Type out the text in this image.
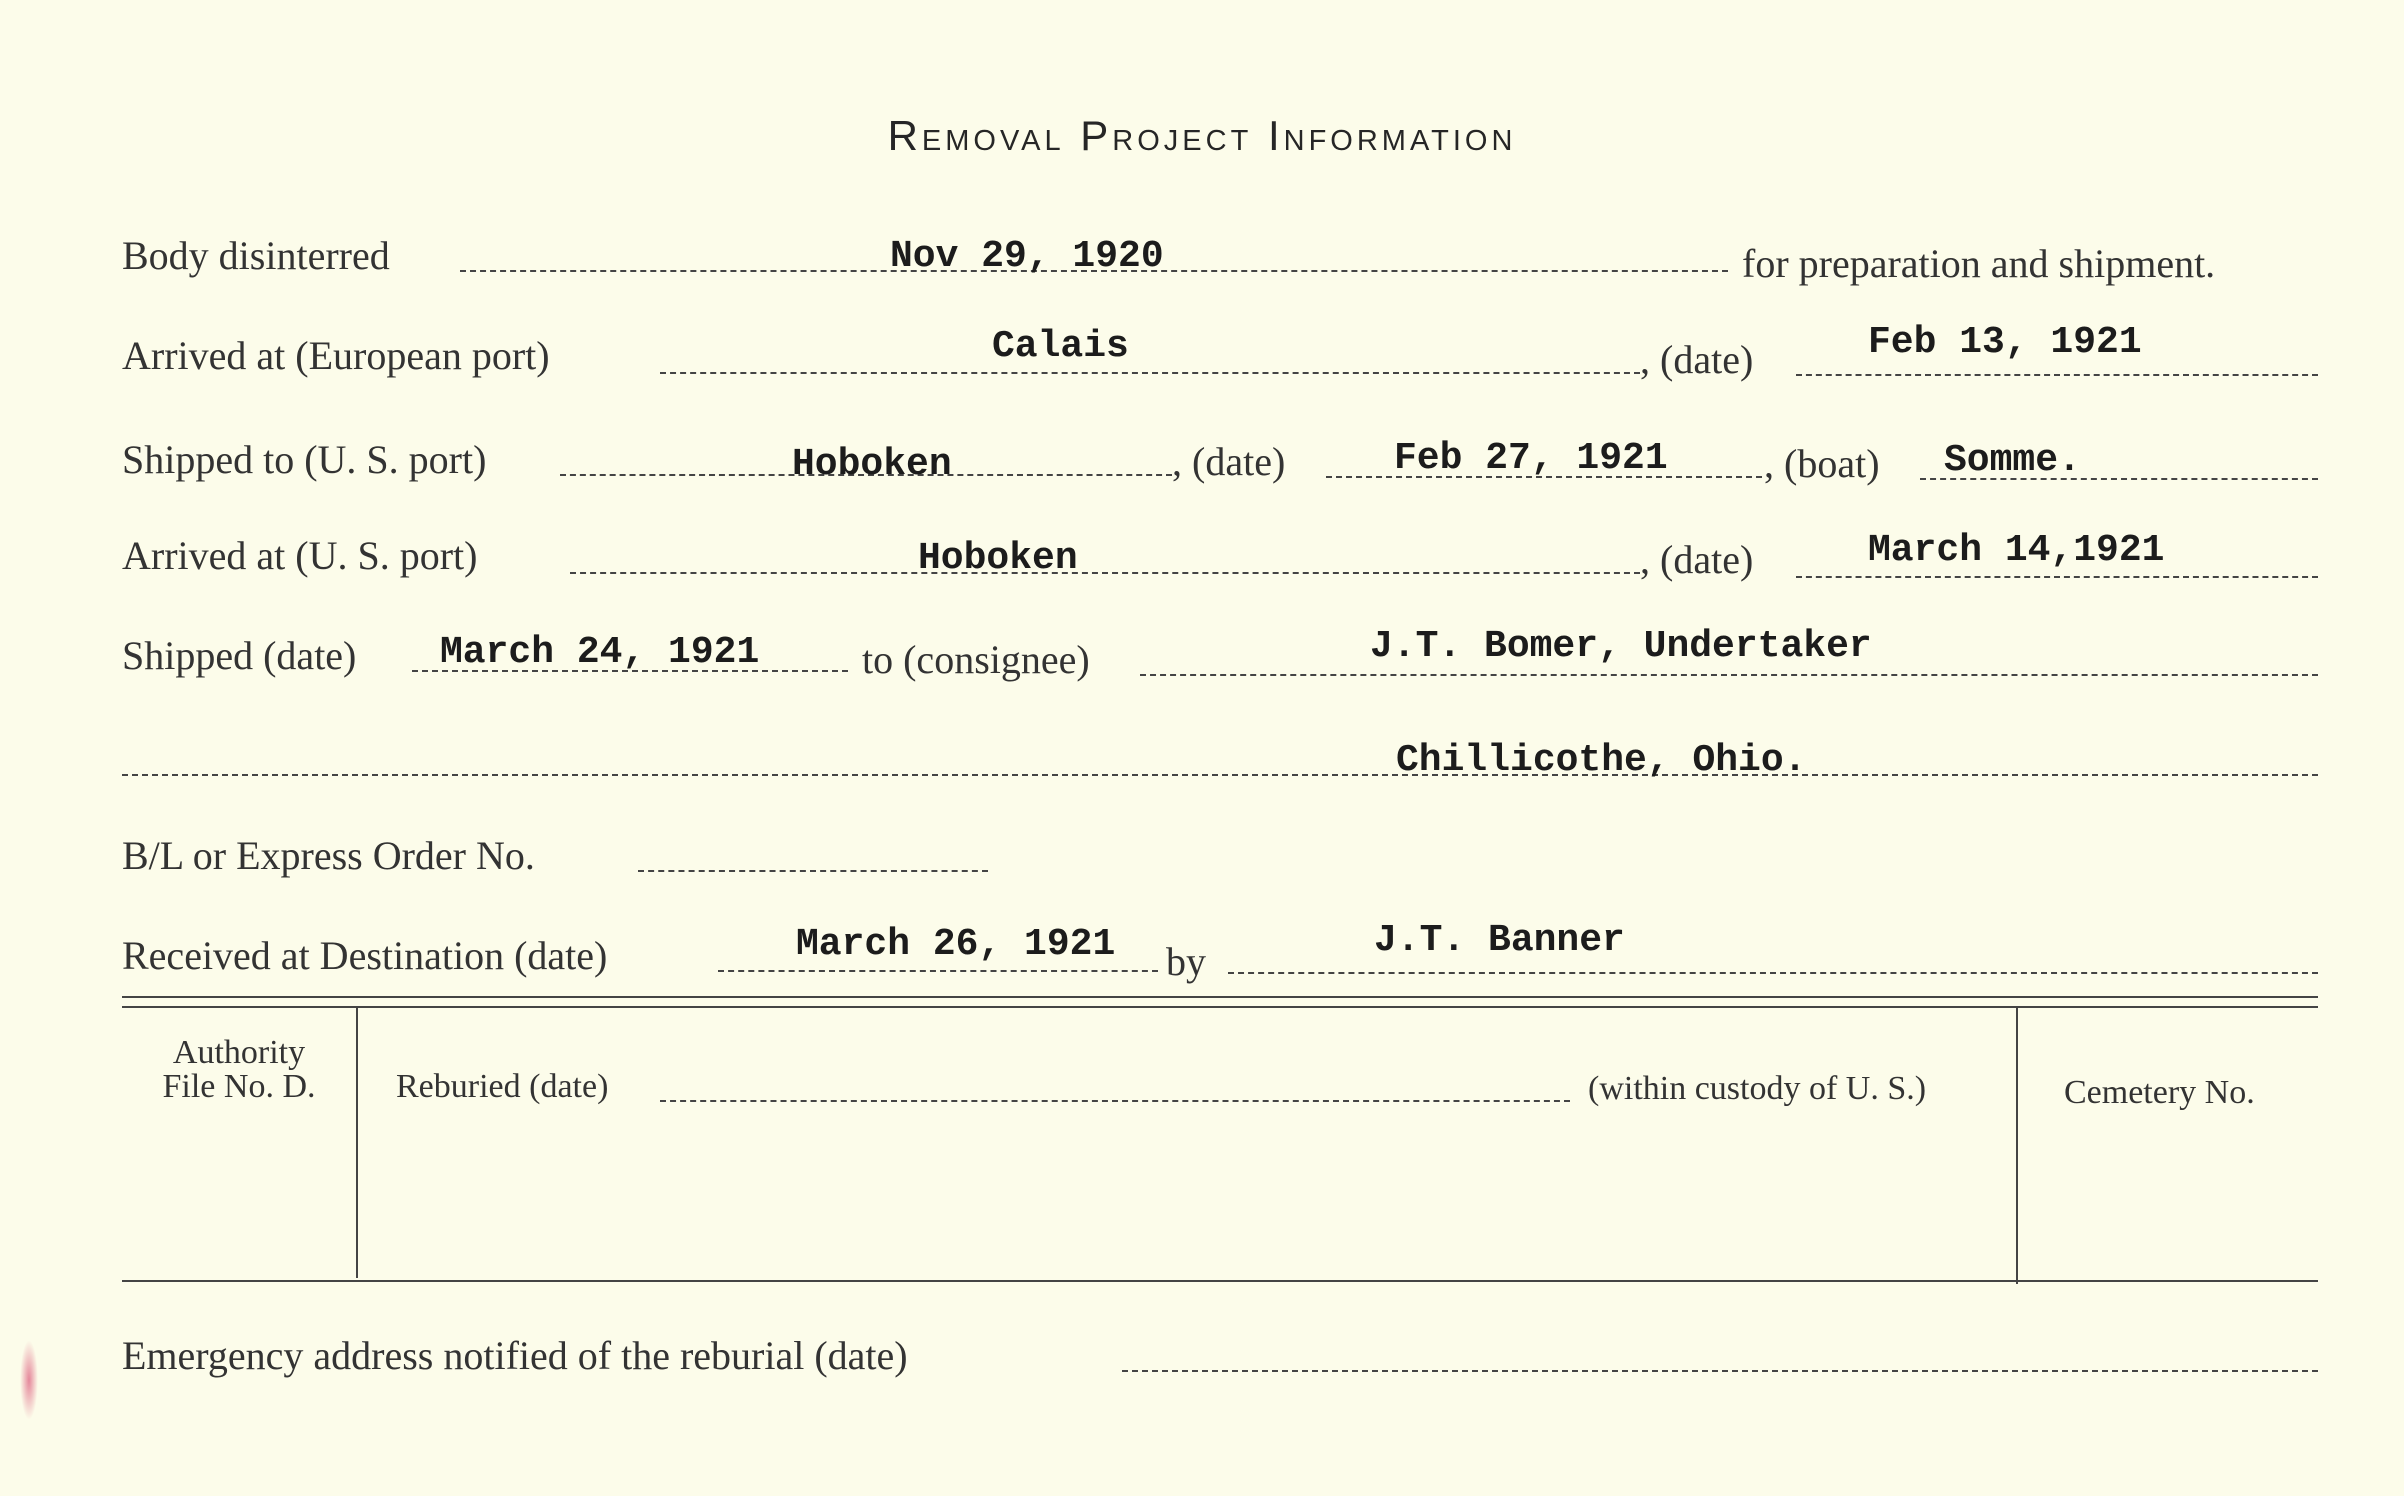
Removal Project Information
Body disinterred	Nov 29, 1920	for preparation and shipment.
Arrived at (European port)	Calais	, (date)	Feb 13, 1921
Shipped to (U. S. port)	Hoboken	, (date)	Feb 27, 1921 , (boat) Somme.
Arrived at (U. S. port)	Hoboken	, (date)	March 14,1921
Shipped (date) March 24, 1921	to (consignee)	J.T. Bomer, Undertaker
Chillicothe, Ohio.
B/L or Express Order No.
Received at Destination (date)	March 26, 1921 by	J.T. Banner
Authority
File No. D.	Reburied (date)	(within custody of U. S.)	Cemetery No.
Emergency address notified of the reburial (date)
